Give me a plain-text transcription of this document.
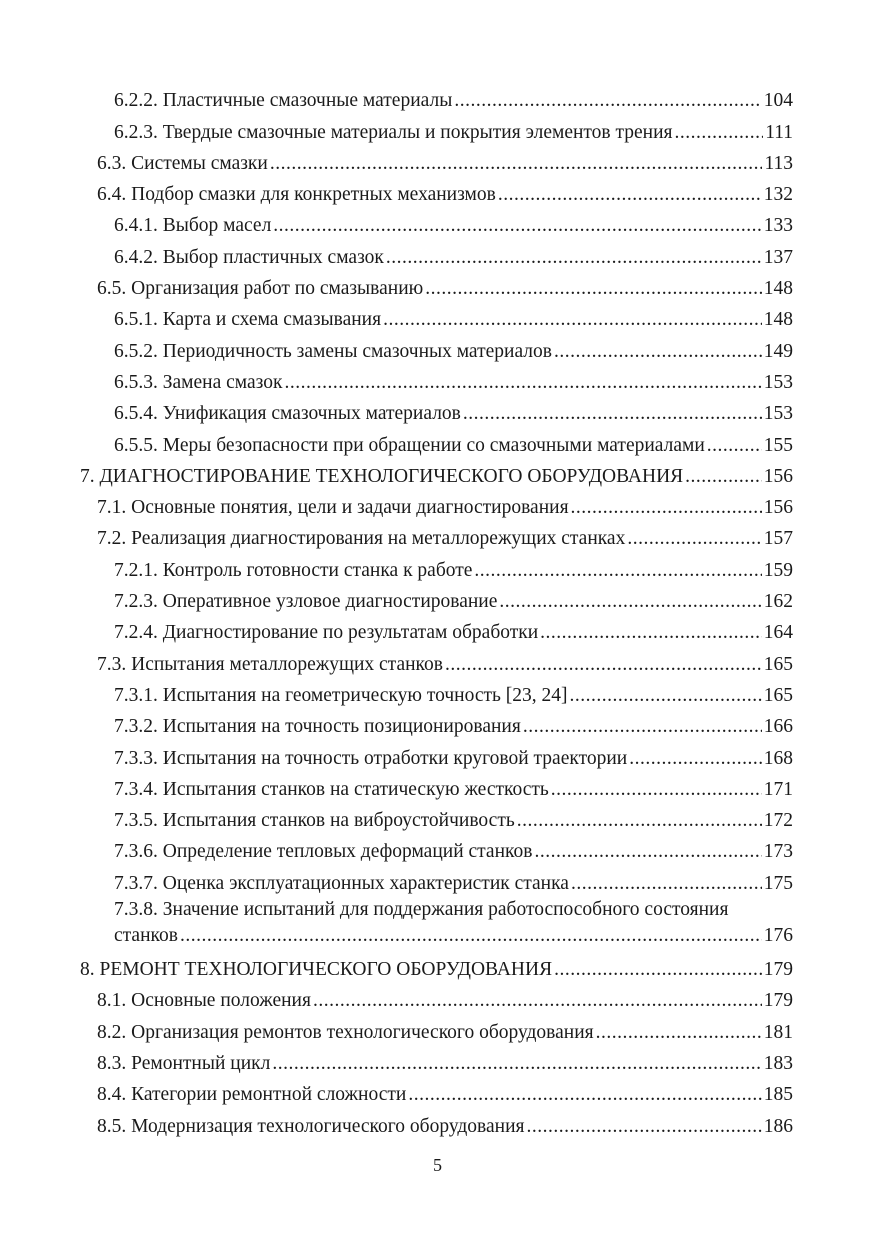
6.2.2. Пластичные смазочные материалы .....	104
6.2.3. Твердые смазочные материалы и покрытия элементов трения .....	111
6.3. Системы смазки .....	113
6.4. Подбор смазки для конкретных механизмов .....	132
6.4.1. Выбор масел .....	133
6.4.2. Выбор пластичных смазок .....	137
6.5. Организация работ по смазыванию .....	148
6.5.1. Карта и схема смазывания .....	148
6.5.2. Периодичность замены смазочных материалов .....	149
6.5.3. Замена смазок .....	153
6.5.4. Унификация смазочных материалов .....	153
6.5.5. Меры безопасности при обращении со смазочными материалами .....	155
7. ДИАГНОСТИРОВАНИЕ ТЕХНОЛОГИЧЕСКОГО ОБОРУДОВАНИЯ .....	156
7.1. Основные понятия, цели и задачи диагностирования .....	156
7.2. Реализация диагностирования на металлорежущих станках .....	157
7.2.1. Контроль готовности станка к работе .....	159
7.2.3. Оперативное узловое диагностирование .....	162
7.2.4. Диагностирование по результатам обработки .....	164
7.3. Испытания металлорежущих станков .....	165
7.3.1. Испытания на геометрическую точность [23, 24] .....	165
7.3.2. Испытания на точность позиционирования .....	166
7.3.3. Испытания на точность отработки круговой траектории .....	168
7.3.4. Испытания станков на статическую жесткость .....	171
7.3.5. Испытания станков на виброустойчивость .....	172
7.3.6. Определение тепловых деформаций станков .....	173
7.3.7. Оценка эксплуатационных характеристик станка .....	175
7.3.8. Значение испытаний для поддержания работоспособного состояния
станков .....	176
8. РЕМОНТ ТЕХНОЛОГИЧЕСКОГО ОБОРУДОВАНИЯ .....	179
8.1. Основные положения .....	179
8.2. Организация ремонтов технологического оборудования .....	181
8.3. Ремонтный цикл .....	183
8.4. Категории ремонтной сложности .....	185
8.5. Модернизация технологического оборудования .....	186
5
